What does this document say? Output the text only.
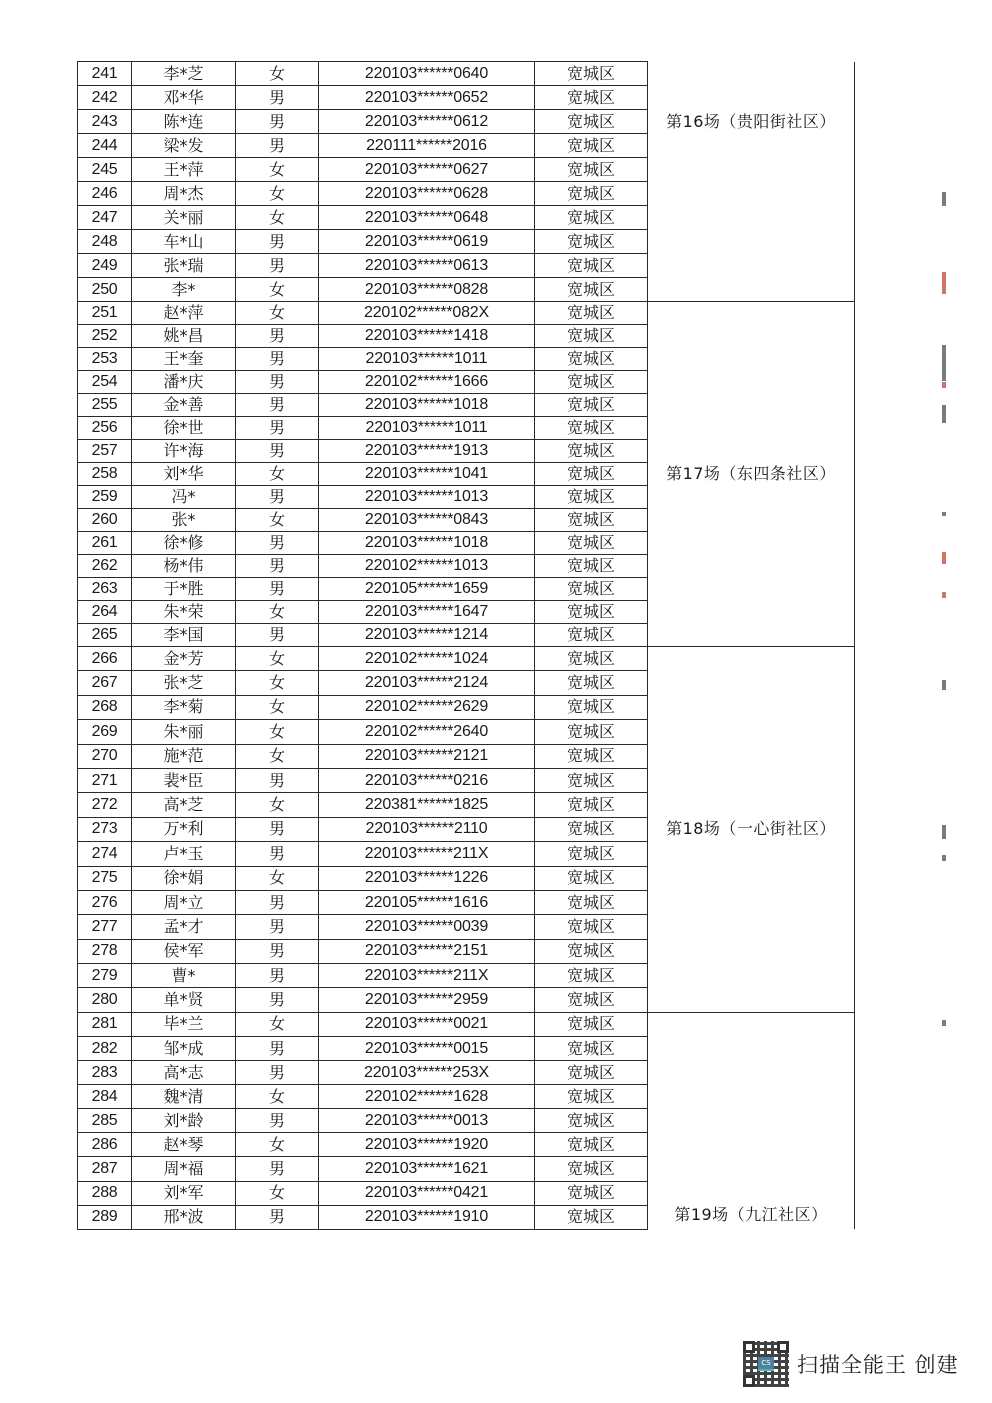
241	李*芝	女	220103******0640	宽城区	第16场（贵阳街社区）
242	邓*华	男	220103******0652	宽城区	
243	陈*连	男	220103******0612	宽城区	
244	梁*发	男	220111******2016	宽城区	
245	王*萍	女	220103******0627	宽城区	
246	周*杰	女	220103******0628	宽城区	
247	关*丽	女	220103******0648	宽城区	
248	车*山	男	220103******0619	宽城区	
249	张*瑞	男	220103******0613	宽城区	
250	李*	女	220103******0828	宽城区	
251	赵*萍	女	220102******082X	宽城区	第17场（东四条社区）
252	姚*昌	男	220103******1418	宽城区	
253	王*奎	男	220103******1011	宽城区	
254	潘*庆	男	220102******1666	宽城区	
255	金*善	男	220103******1018	宽城区	
256	徐*世	男	220103******1011	宽城区	
257	许*海	男	220103******1913	宽城区	
258	刘*华	女	220103******1041	宽城区	
259	冯*	男	220103******1013	宽城区	
260	张*	女	220103******0843	宽城区	
261	徐*修	男	220103******1018	宽城区	
262	杨*伟	男	220102******1013	宽城区	
263	于*胜	男	220105******1659	宽城区	
264	朱*荣	女	220103******1647	宽城区	
265	李*国	男	220103******1214	宽城区	
266	金*芳	女	220102******1024	宽城区	第18场（一心街社区）
267	张*芝	女	220103******2124	宽城区	
268	李*菊	女	220102******2629	宽城区	
269	朱*丽	女	220102******2640	宽城区	
270	施*范	女	220103******2121	宽城区	
271	裴*臣	男	220103******0216	宽城区	
272	高*芝	女	220381******1825	宽城区	
273	万*利	男	220103******2110	宽城区	
274	卢*玉	男	220103******211X	宽城区	
275	徐*娟	女	220103******1226	宽城区	
276	周*立	男	220105******1616	宽城区	
277	孟*才	男	220103******0039	宽城区	
278	侯*军	男	220103******2151	宽城区	
279	曹*	男	220103******211X	宽城区	
280	单*贤	男	220103******2959	宽城区	
281	毕*兰	女	220103******0021	宽城区	第19场（九江社区）
282	邹*成	男	220103******0015	宽城区	
283	高*志	男	220103******253X	宽城区	
284	魏*清	女	220102******1628	宽城区	
285	刘*龄	男	220103******0013	宽城区	
286	赵*琴	女	220103******1920	宽城区	
287	周*福	男	220103******1621	宽城区	
288	刘*军	女	220103******0421	宽城区	
289	邢*波	男	220103******1910	宽城区	
CS 扫描全能王 创建
